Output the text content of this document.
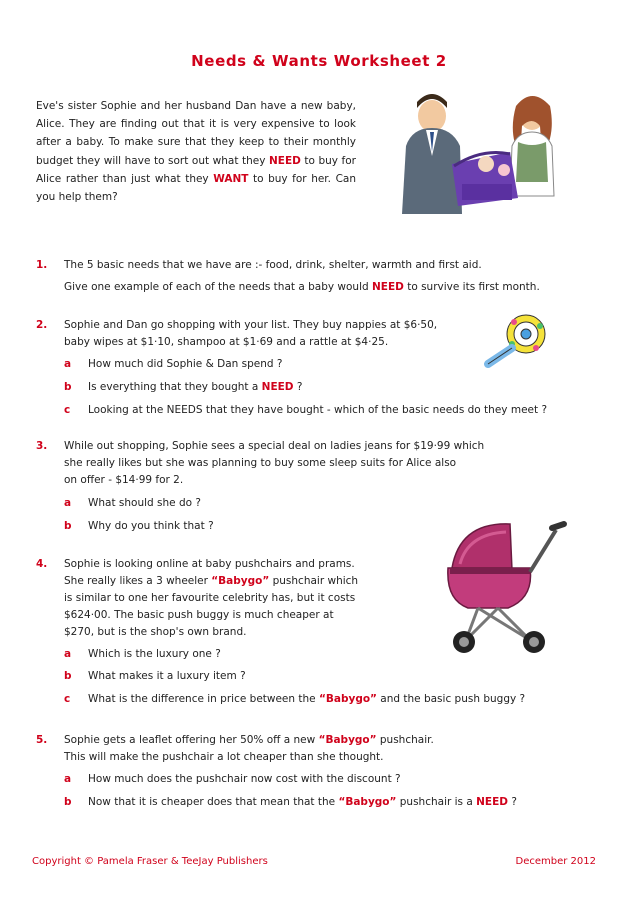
Needs & Wants Worksheet 2
Eve's sister Sophie and her husband Dan have a new baby, Alice. They are finding out that it is very expensive to look after a baby. To make sure that they keep to their monthly budget they will have to sort out what they NEED to buy for Alice rather than just what they WANT to buy for her. Can you help them?
1.	The 5 basic needs that we have are :- food, drink, shelter, warmth and first aid.
Give one example of each of the needs that a baby would NEED to survive its first month.
2.	Sophie and Dan go shopping with your list. They buy nappies at $6·50,
baby wipes at $1·10, shampoo at $1·69 and a rattle at $4·25.
a How much did Sophie & Dan spend ?
b Is everything that they bought a NEED ?
c Looking at the NEEDS that they have bought - which of the basic needs do they meet ?
3.	While out shopping, Sophie sees a special deal on ladies jeans for $19·99 which
she really likes but she was planning to buy some sleep suits for Alice also
on offer - $14·99 for 2.
a What should she do ?
b Why do you think that ?
4.	Sophie is looking online at baby pushchairs and prams.
She really likes a 3 wheeler “Babygo” pushchair which
is similar to one her favourite celebrity has, but it costs
$624·00. The basic push buggy is much cheaper at
$270, but is the shop's own brand.
a Which is the luxury one ?
b What makes it a luxury item ?
c What is the difference in price between the “Babygo” and the basic push buggy ?
5.	Sophie gets a leaflet offering her 50% off a new “Babygo” pushchair.
This will make the pushchair a lot cheaper than she thought.
a How much does the pushchair now cost with the discount ?
b Now that it is cheaper does that mean that the “Babygo” pushchair is a NEED ?
Copyright © Pamela Fraser & TeeJay Publishers	December 2012
